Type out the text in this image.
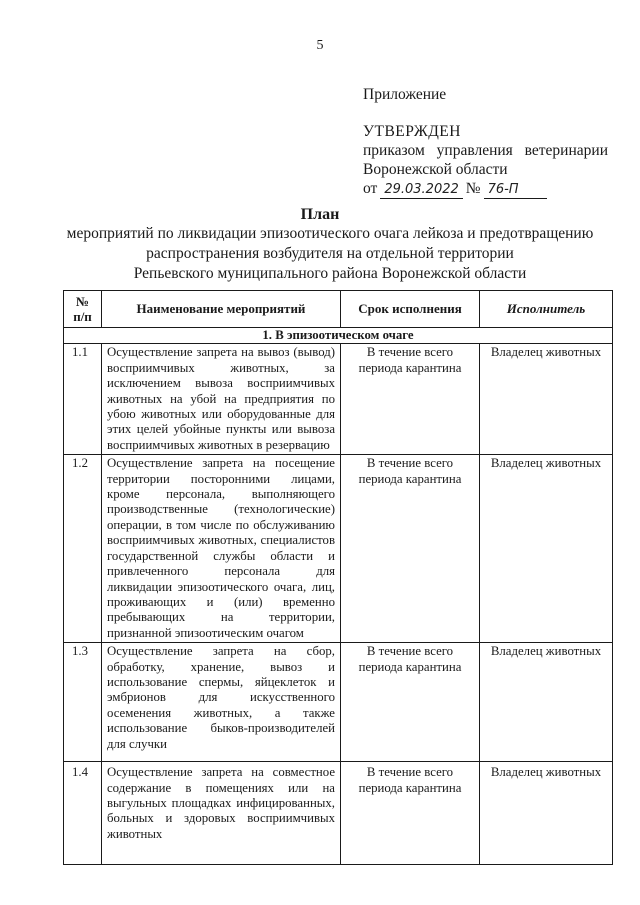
5
Приложение
УТВЕРЖДЕН
приказом управления ветеринарии
Воронежской области
от 29.03.2022 № 76-П
План
мероприятий по ликвидации эпизоотического очага лейкоза и предотвращению
распространения возбудителя на отдельной территории
Репьевского муниципального района Воронежской области
№ п/п	Наименование мероприятий	Срок исполнения	Исполнитель
1. В эпизоотическом очаге			
1.1	Осуществление запрета на вывоз (вывод) восприимчивых животных, за исключением вывоза восприимчивых животных на убой на предприятия по убою животных или оборудованные для этих целей убойные пункты или вывоза восприимчивых животных в резервацию	В течение всего периода карантина	Владелец животных
1.2	Осуществление запрета на посещение территории посторонними лицами, кроме персонала, выполняющего производственные (технологические) операции, в том числе по обслуживанию восприимчивых животных, специалистов государственной службы области и привлеченного персонала для ликвидации эпизоотического очага, лиц, проживающих и (или) временно пребывающих на территории, признанной эпизоотическим очагом	В течение всего периода карантина	Владелец животных
1.3	Осуществление запрета на сбор, обработку, хранение, вывоз и использование спермы, яйцеклеток и эмбрионов для искусственного осеменения животных, а также использование быков-производителей для случки	В течение всего периода карантина	Владелец животных
1.4	Осуществление запрета на совместное содержание в помещениях или на выгульных площадках инфицированных, больных и здоровых восприимчивых животных	В течение всего периода карантина	Владелец животных
